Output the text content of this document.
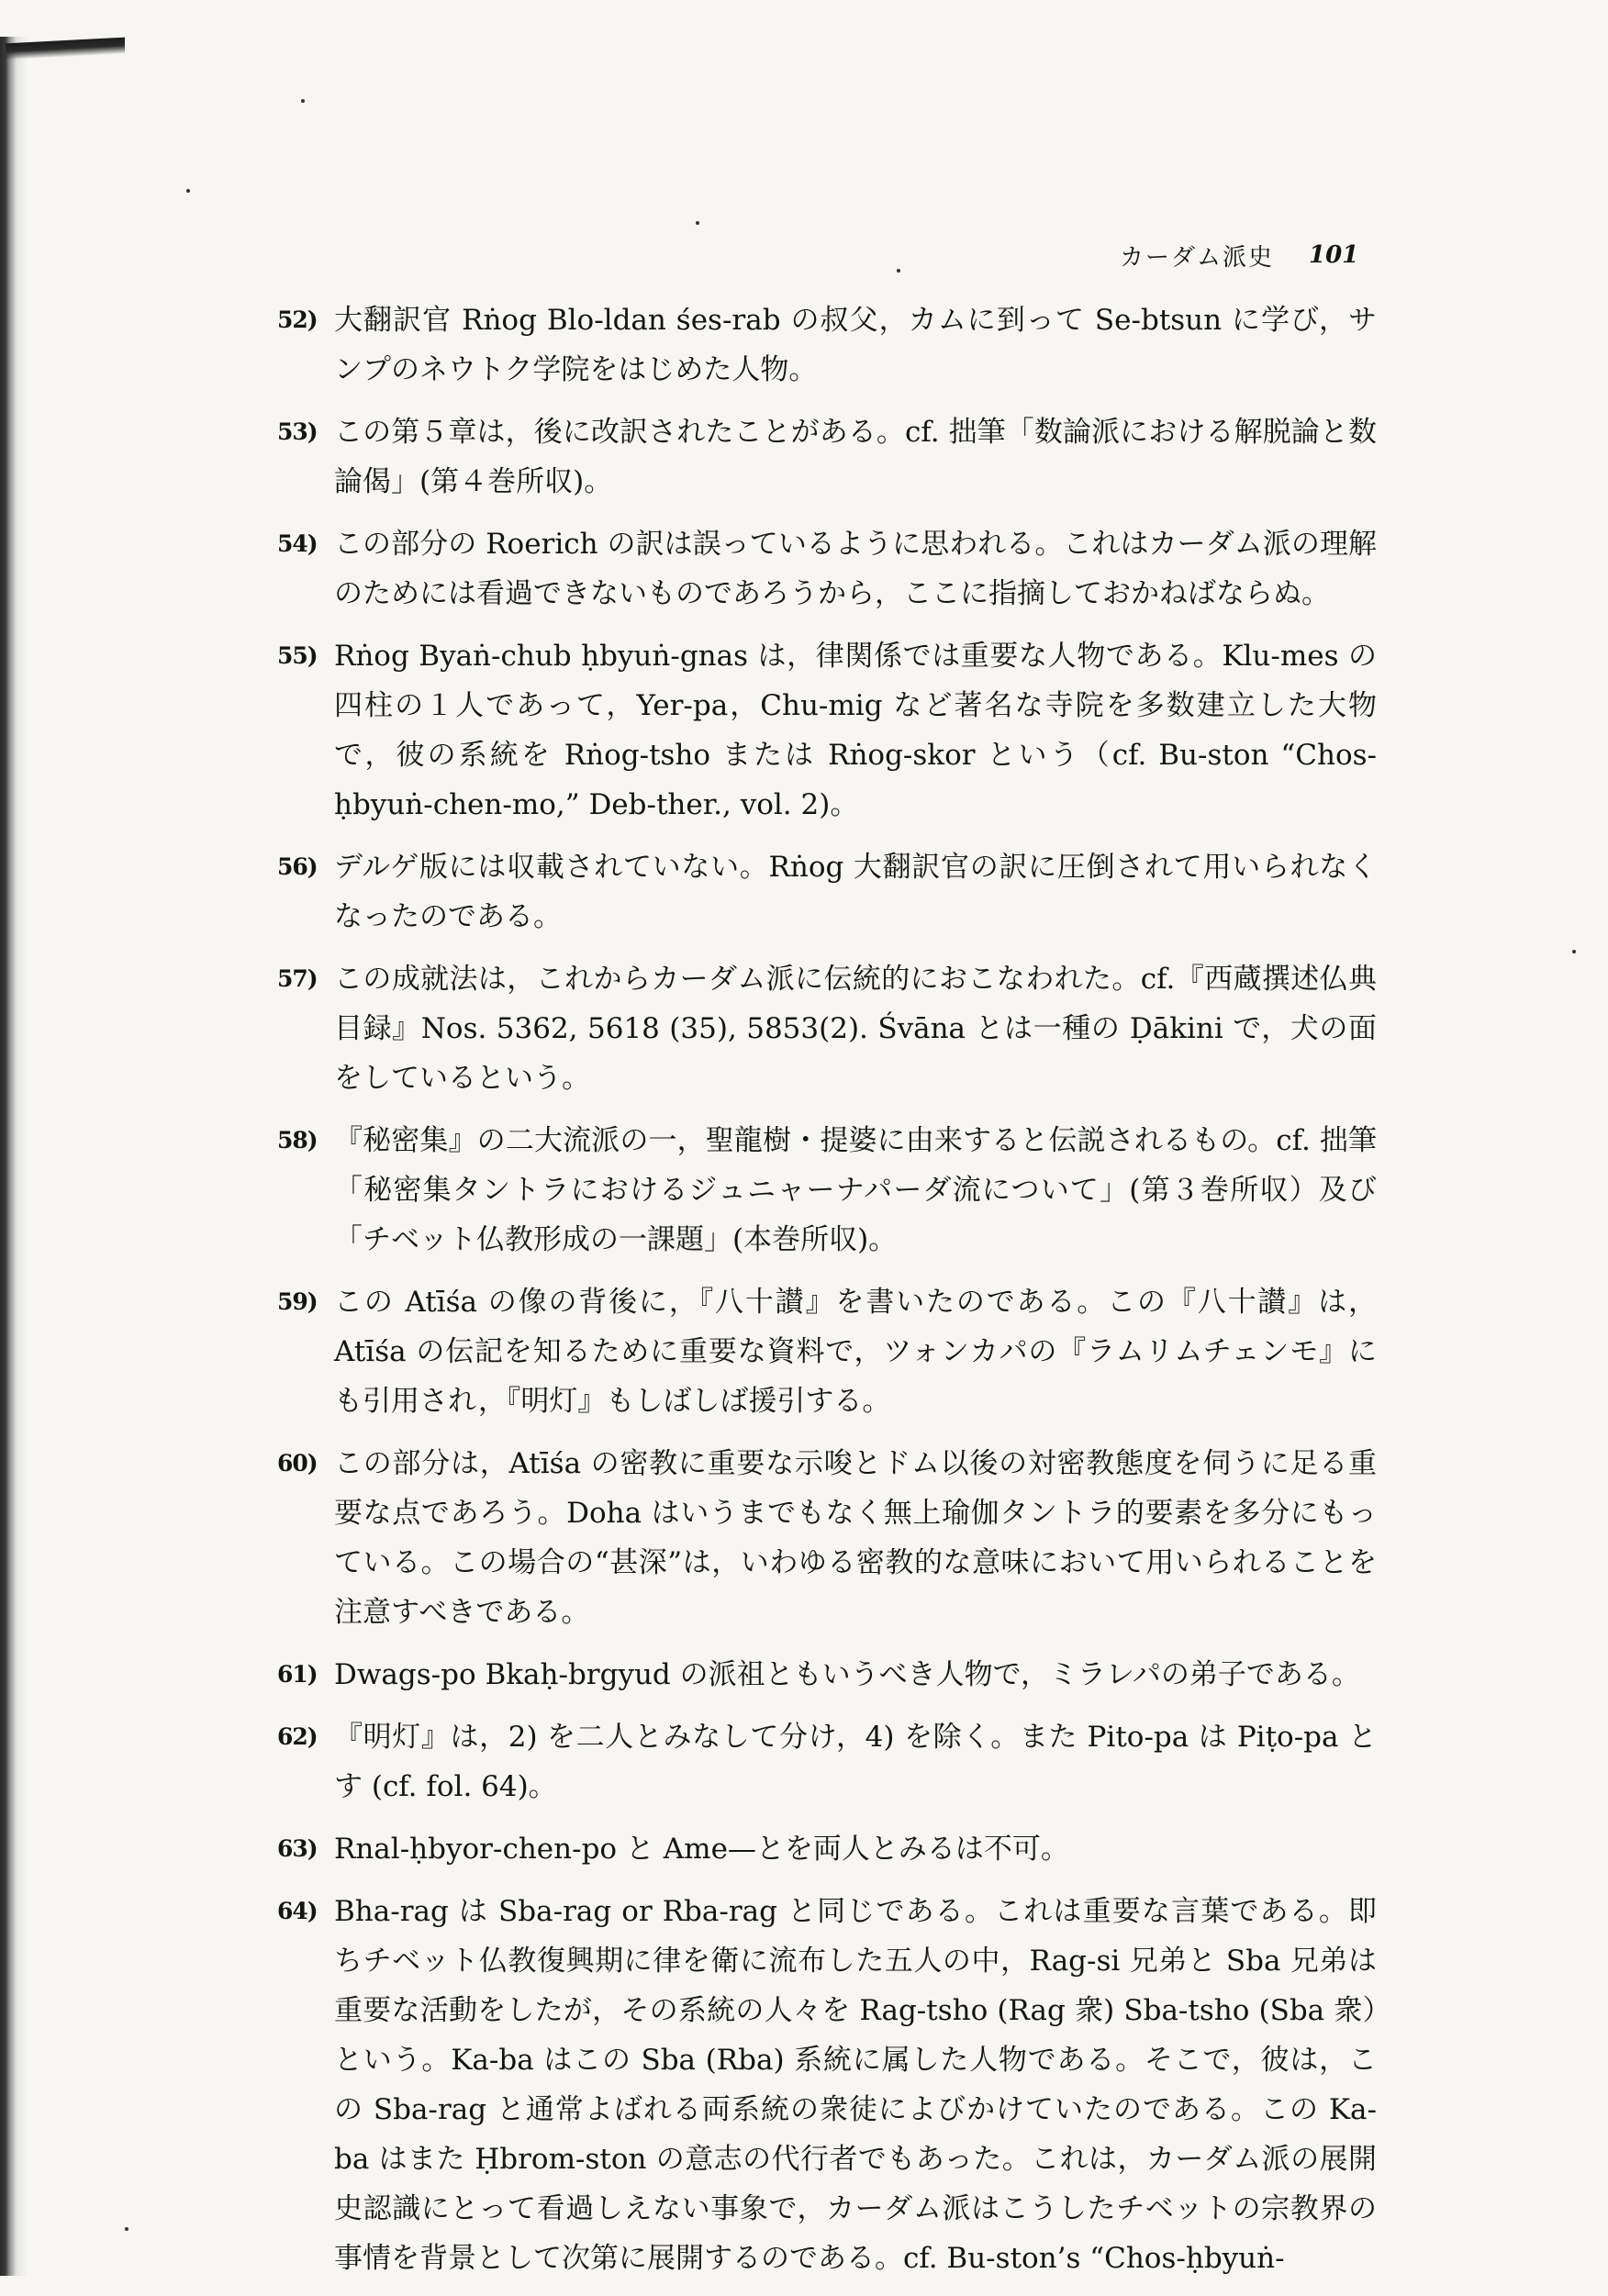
カーダム派史 101
52) 大翻訳官 Rṅog Blo-ldan śes-rab の叔父，カムに到って Se-btsun に学び，サンプのネウトク学院をはじめた人物。
53) この第５章は，後に改訳されたことがある。cf. 拙筆「数論派における解脱論と数論偈」(第４巻所収)。
54) この部分の Roerich の訳は誤っているように思われる。これはカーダム派の理解のためには看過できないものであろうから，ここに指摘しておかねばならぬ。
55) Rṅog Byaṅ-chub ḥbyuṅ-gnas は，律関係では重要な人物である。Klu-mes の四柱の１人であって，Yer-pa，Chu-mig など著名な寺院を多数建立した大物で，彼の系統を Rṅog-tsho または Rṅog-skor という（cf. Bu-ston “Chos-ḥbyuṅ-chen-mo,” Deb-ther., vol. 2)。
56) デルゲ版には収載されていない。Rṅog 大翻訳官の訳に圧倒されて用いられなくなったのである。
57) この成就法は，これからカーダム派に伝統的におこなわれた。cf.『西蔵撰述仏典目録』Nos. 5362, 5618 (35), 5853(2). Śvāna とは一種の Ḍākini で，犬の面をしているという。
58) 『秘密集』の二大流派の一，聖龍樹・提婆に由来すると伝説されるもの。cf. 拙筆「秘密集タントラにおけるジュニャーナパーダ流について」(第３巻所収）及び「チベット仏教形成の一課題」(本巻所収)。
59) この Atīśa の像の背後に，『八十讃』を書いたのである。この『八十讃』は，Atīśa の伝記を知るために重要な資料で，ツォンカパの『ラムリムチェンモ』にも引用され，『明灯』もしばしば援引する。
60) この部分は，Atīśa の密教に重要な示唆とドム以後の対密教態度を伺うに足る重要な点であろう。Doha はいうまでもなく無上瑜伽タントラ的要素を多分にもっている。この場合の“甚深”は，いわゆる密教的な意味において用いられることを注意すべきである。
61) Dwags-po Bkaḥ-brgyud の派祖ともいうべき人物で，ミラレパの弟子である。
62) 『明灯』は，2) を二人とみなして分け，4) を除く。また Pito-pa は Piṭo-pa とす (cf. fol. 64)。
63) Rnal-ḥbyor-chen-po と Ame—とを両人とみるは不可。
64) Bha-rag は Sba-rag or Rba-rag と同じである。これは重要な言葉である。即ちチベット仏教復興期に律を衛に流布した五人の中，Rag-si 兄弟と Sba 兄弟は重要な活動をしたが，その系統の人々を Rag-tsho (Rag 衆) Sba-tsho (Sba 衆）という。Ka-ba はこの Sba (Rba) 系統に属した人物である。そこで，彼は，この Sba-rag と通常よばれる両系統の衆徒によびかけていたのである。この Ka-ba はまた Ḥbrom-ston の意志の代行者でもあった。これは，カーダム派の展開史認識にとって看過しえない事象で，カーダム派はこうしたチベットの宗教界の事情を背景として次第に展開するのである。cf. Bu-ston’s “Chos-ḥbyuṅ-
